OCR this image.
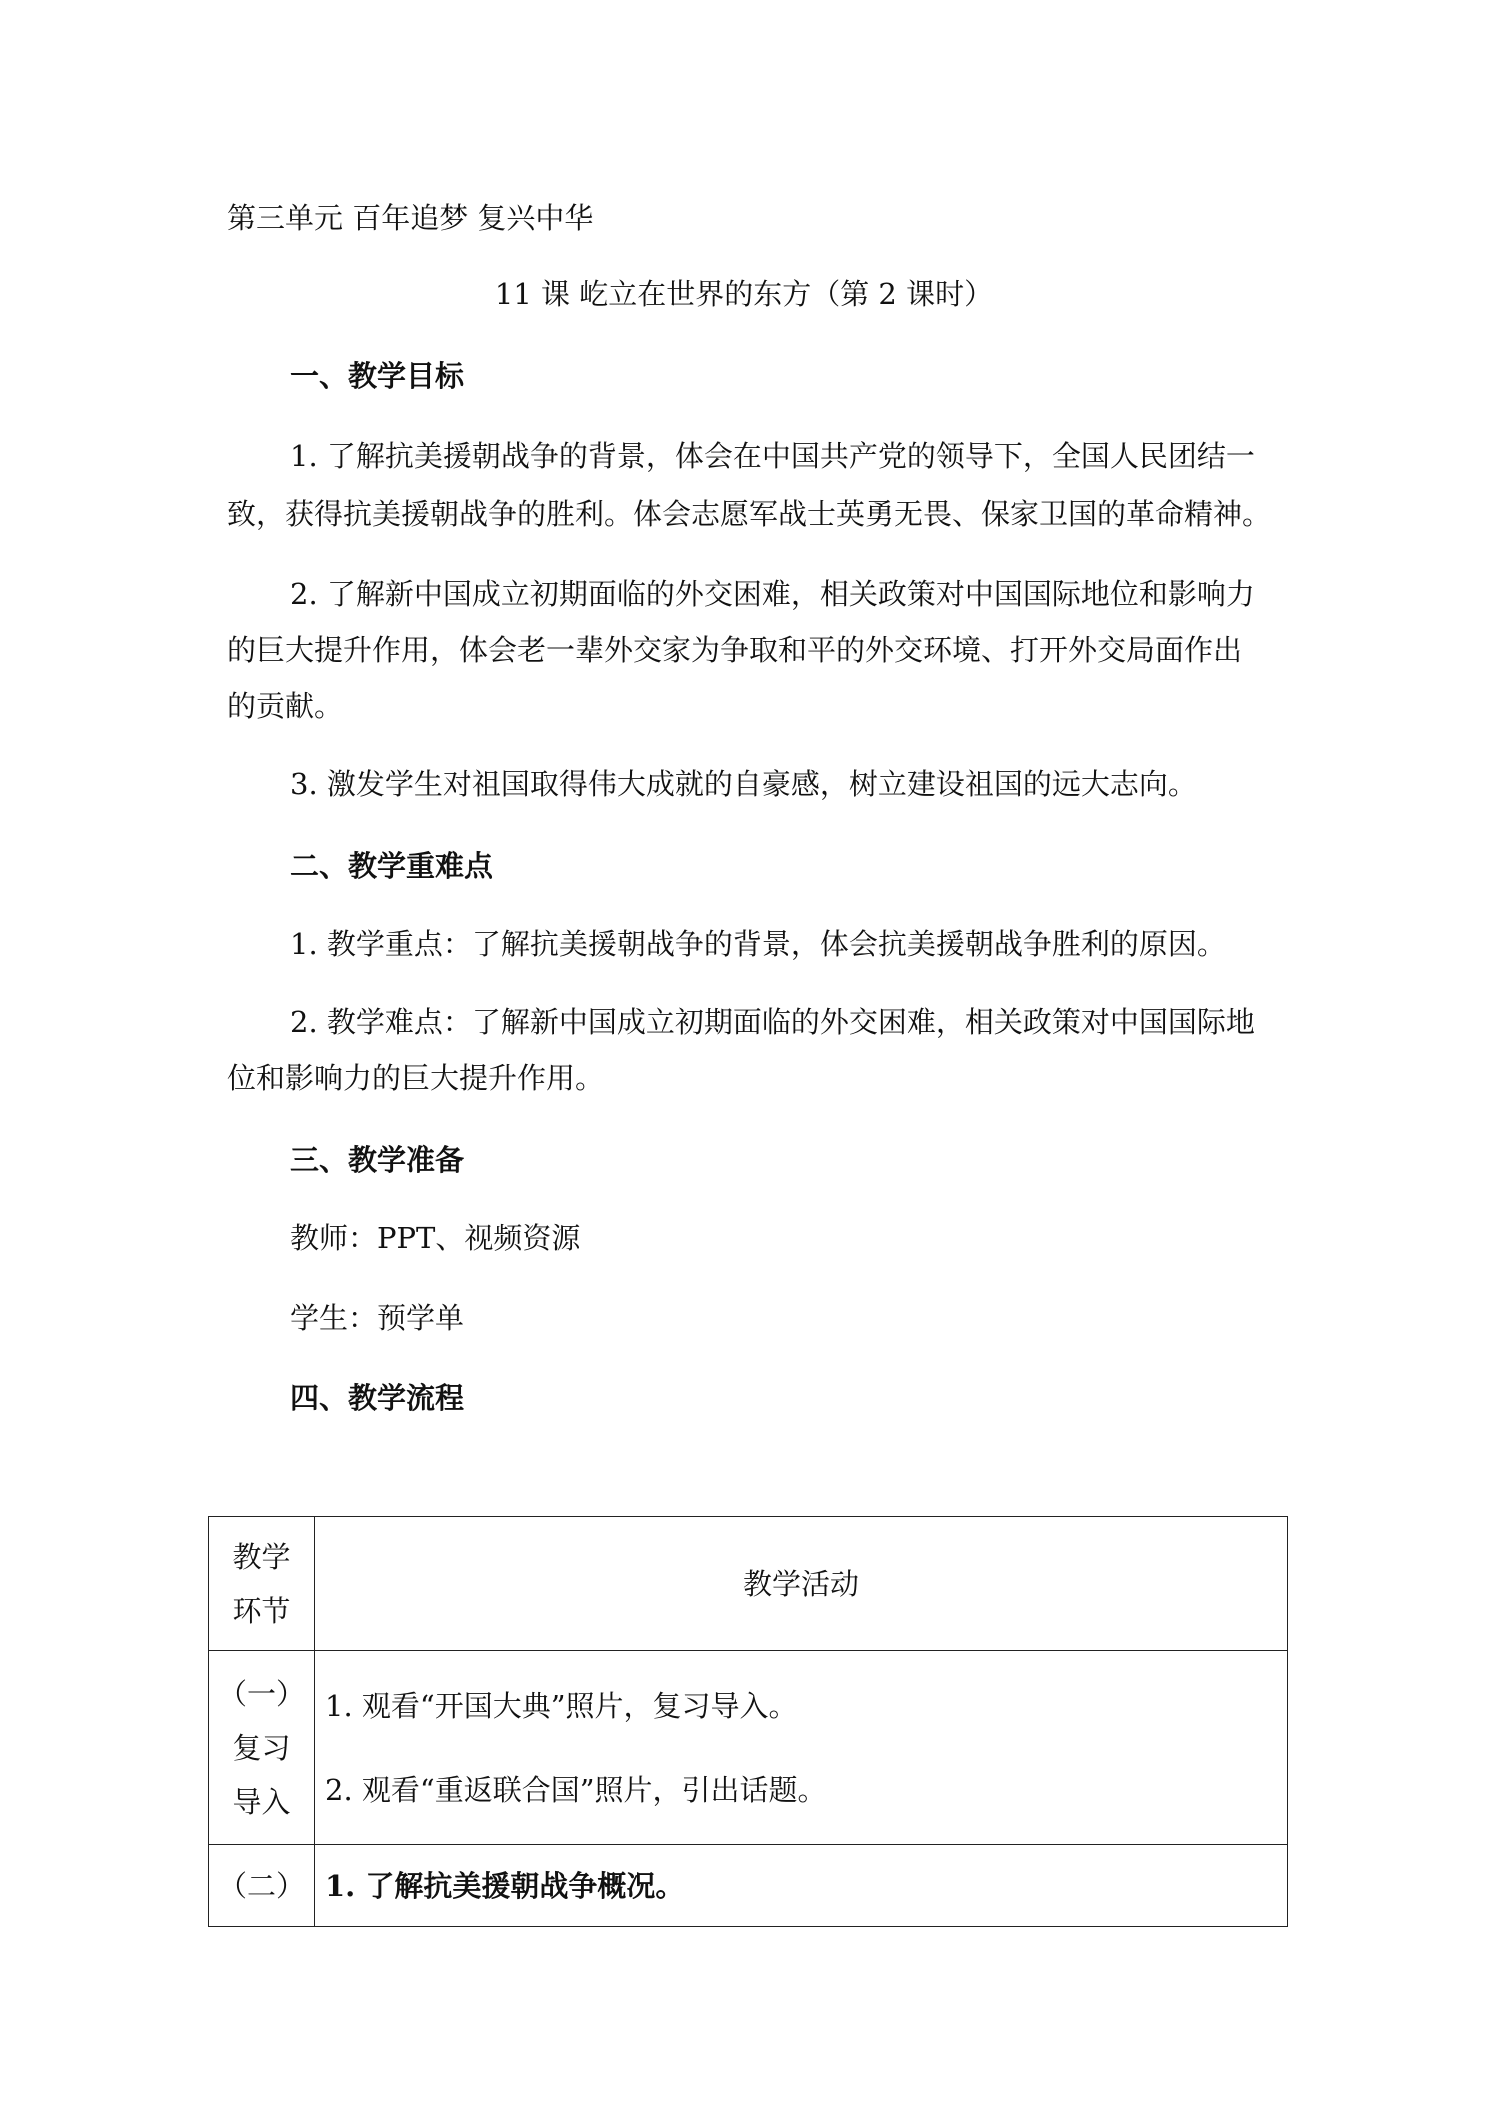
第三单元 百年追梦 复兴中华
11 课 屹立在世界的东方（第 2 课时）
一、教学目标
1. 了解抗美援朝战争的背景，体会在中国共产党的领导下，全国人民团结一
致，获得抗美援朝战争的胜利。体会志愿军战士英勇无畏、保家卫国的革命精神。
2. 了解新中国成立初期面临的外交困难，相关政策对中国国际地位和影响力
的巨大提升作用，体会老一辈外交家为争取和平的外交环境、打开外交局面作出
的贡献。
3. 激发学生对祖国取得伟大成就的自豪感，树立建设祖国的远大志向。
二、教学重难点
1. 教学重点：了解抗美援朝战争的背景，体会抗美援朝战争胜利的原因。
2. 教学难点：了解新中国成立初期面临的外交困难，相关政策对中国国际地
位和影响力的巨大提升作用。
三、教学准备
教师：PPT、视频资源
学生：预学单
四、教学流程
教学
环节	教学活动

（一）
复习
导入	1. 观看“开国大典”照片，复习导入。
2. 观看“重返联合国”照片，引出话题。

（二）	1. 了解抗美援朝战争概况。
